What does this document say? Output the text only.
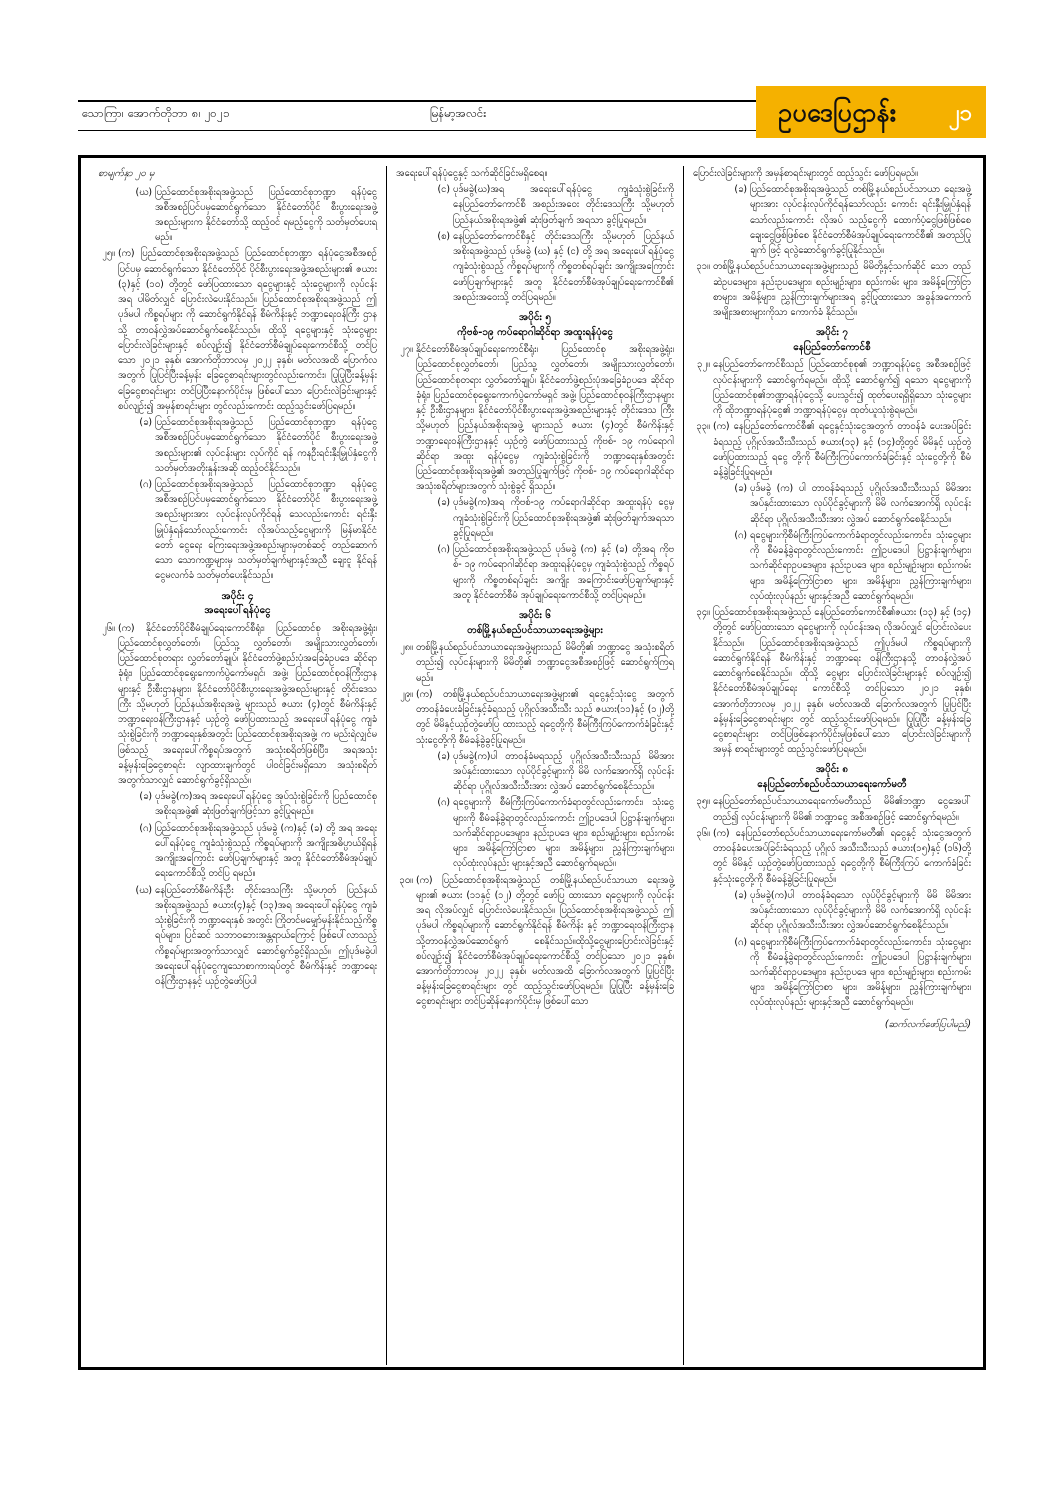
သောကြာ၊ အောက်တိုဘာ ၈၊ ၂၀၂၁	မြန်မာ့အလင်း	ဥပဒေပြဌာန်း ၂၁
စာမျက်နှာ ၂၀ မှ
(ဃ) ပြည်ထောင်စုအစိုးရအဖွဲ့သည် ပြည်ထောင်စုဘဏ္ဍာ ရန်ပုံငွေအစီအစဉ်ပြင်ပမှဆောင်ရွက်သော နိုင်ငံတော်ပိုင် စီးပွားရေးအဖွဲ့အစည်းများက နိုင်ငံတော်သို့ ထည့်ဝင် ရမည့်ငွေကို သတ်မှတ်ပေးရမည်။
၂၅။ (က) ပြည်ထောင်စုအစိုးရအဖွဲ့သည် ပြည်ထောင်စုဘဏ္ဍာ ရန်ပုံငွေအစီအစဉ်ပြင်ပမှ ဆောင်ရွက်သော နိုင်ငံတော်ပိုင် ပိုင်စီးပွားရေးအဖွဲ့အစည်းများ၏ ဇယား (၃)နှင့် (၁၀) တို့တွင် ဖော်ပြထားသော ရငွေများနှင့် သုံးငွေများကို လုပ်ငန်းအရ ပါမိတ်လျှင် ပြောင်းလဲပေးနိုင်သည်။ ပြည်ထောင်စုအစိုးရအဖွဲ့သည် ဤပုဒ်မပါ ကိစ္စရပ်များ ကို ဆောင်ရွက်နိုင်ရန် စီမံကိန်းနှင့် ဘဏ္ဍာရေးဝန်ကြီး ဌာနသို့ တာဝန်လွှဲအပ်ဆောင်ရွက်စေနိုင်သည်။ ထိုသို့ ရငွေများနှင့် သုံးငွေများ ပြောင်းလဲခြင်းများနှင့် စပ်လျဉ်း၍ နိုင်ငံတော်စီမံချုပ်ရေးကောင်စီသို့ တင်ပြသော ၂၀၂၁ ခုနှစ်၊ အောက်တိုဘာလမှ ၂၀၂၂ ခုနှစ်၊ မတ်လအထိ ပြောက်လအတွက် ပြုပြင်ပြီးခန့်မှန်း ခြေငွေစာရင်းများတွင်လည်းကောင်း၊ ပြုပြုပြီးခန့်မှန်း ခြေငွေစာရင်းများ တင်ပြပြီးနောက်ပိုင်းမှ ဖြစ်ပေါ်သော ပြောင်းလဲခြင်းများနှင့် စပ်လျဉ်း၍ အမှန်စာရင်းများ တွင်လည်းကောင်း ထည့်သွင်းဖော်ပြရမည်။
(ခ) ပြည်ထောင်စုအစိုးရအဖွဲ့သည် ပြည်ထောင်စုဘဏ္ဍာ ရန်ပုံငွေအစီအစဉ်ပြင်ပမှဆောင်ရွက်သော နိုင်ငံတော်ပိုင် စီးပွားရေးအဖွဲ့အစည်းများ၏ လုပ်ငန်းများ လုပ်ကိုင် ရန် ကနဦးရင်းနှီးမြှုပ်နှံငွေကို သတ်မှတ်အတိုးနှုန်းအဆို ထည့်ဝင်နိုင်သည်။
(ဂ) ပြည်ထောင်စုအစိုးရအဖွဲ့သည် ပြည်ထောင်စုဘဏ္ဍာ ရန်ပုံငွေအစီအစဉ်ပြင်ပမှဆောင်ရွက်သော နိုင်ငံတော်ပိုင် စီးပွားရေးအဖွဲ့အစည်းများအား လုပ်ငန်းလုပ်ကိုင်ရန် သေလည်းကောင်း ရင်းနှီးမြှုပ်နှံရန်သော်လည်းကောင်း လိုအပ်သည့်ငွေများကို မြန်မာနိုင်ငံတော် ငွေရေး ကြေးရေးအဖွဲ့အစည်းများမှတစ်ဆင့် တည်ဆောက်သော သောကဏ္ဍများမှ သတ်မှတ်ချက်များနှင့်အညီ ချေးငူ နိုင်ရန် ငွေမလက်ခံ သတ်မှတ်ပေးနိုင်သည်။
အပိုင်း ၄
အရေးပေါ်ရန်ပုံငွေ
၂၆။ (က) နိုင်ငံတော်ပိုင်စီမံချုပ်ရေးကောင်စီရုံး၊ ပြည်ထောင်စု အစိုးရအဖွဲ့ရုံး၊ ပြည်ထောင်စုလွှတ်တော်၊ ပြည်သူ့ လွှတ်တော်၊ အမျိုးသားလွှတ်တော်၊ ပြည်ထောင်စုတရား လွှတ်တော်ချုပ်၊ နိုင်ငံတော်ဖွဲ့စည်းပုံအခြေခံဥပဒေ ဆိုင်ရာခုံရုံး၊ ပြည်ထောင်စုရွေးကောက်ပွဲကော်မရှင်၊ အဖွဲ့၊ ပြည်ထောင်စုဝန်ကြီးဌာနများနှင့် ဦးစီးဌာနများ၊ နိုင်ငံတော်ပိုင်စီးပွားရေးအဖွဲ့အစည်းများနှင့် တိုင်းဒေသ ကြီး သို့မဟုတ် ပြည်နယ်အစိုးရအဖွဲ့ များသည် ဇယား (၄)တွင် စီမံကိန်းနှင့်ဘဏ္ဍာရေးဝန်ကြီးဌာနနှင့် ယှဉ်တွဲ ဖော်ပြထားသည့် အရေးပေါ်ရန်ပုံငွေ ကျခံသုံးစွဲခြင်းကို ဘဏ္ဍာရေးနှစ်အတွင်း ပြည်ထောင်စုအစိုးရအဖွဲ့၊ က မည်းရဲလျှင်မဖြစ်သည့် အရေးပေါ်ကိစ္စရပ်အတွက် အသုံးစရိတ်ဖြစ်ပြီး၊ အရအသုံးခန့်မှန်းခြေငွေစာရင်း လျာထားချက်တွင် ပါဝင်ခြင်းမရှိသော အသုံးစရိတ် အတွက်သာလျှင် ဆောင်ရွက်ခွင့်ရှိသည်။
(ခ) ပုဒ်မခွဲ(က)အရ အရေးပေါ်ရန်ပုံငွေ အုပ်သုံးစွဲခြင်းကို ပြည်ထောင်စုအစိုးရအဖွဲ့၏ ဆုံးဖြတ်ချက်ဖြင့်သာ ခွင့်ပြုရမည်။
(ဂ) ပြည်ထောင်စုအစိုးရအဖွဲ့သည် ပုဒ်မခွဲ (က)နှင့် (ခ) တို့ အရ အရေးပေါ်ရန်ပုံငွေ ကျခံသုံးစွဲသည့် ကိစ္စရပ်များကို အကျိုးအဓိပ္ပာယ်ရှိရန် အကျိုးအကြောင်း ဖော်ပြချက်များနှင့် အတူ နိုင်ငံတော်စီမံအုပ်ချုပ်ရေးကောင်စီသို့ တင်ပြ ရမည်။
(ဃ) နေပြည်တော်စီမံကိန်းဦး တိုင်းဒေသကြီး သို့မဟုတ် ပြည်နယ်အစိုးရအဖွဲ့သည် ဇယား(၄)နှင့် (၁၃)အရ အရေးပေါ်ရန်ပုံငွေ ကျခံသုံးစွဲခြင်းကို ဘဏ္ဍာရေးနှစ် အတွင်း ကြိုတင်မမျှော်မှန်းနိုင်သည့်ကိစ္စရပ်များ၊ ပြင်ဆင် သဘာဝဘေးအန္တရာယ်ကြောင့် ဖြစ်ပေါ်လာသည့် ကိစ္စရပ်များအတွက်သာလျှင် ဆောင်ရွက်ခွင့်ရှိသည်။ ဤပုဒ်မခွဲပါ အရေးပေါ်ရန်ပုံငွေကျသောစာကားရပ်တွင် စီမံကိန်းနှင့် ဘဏ္ဍာရေးဝန်ကြီးဌာနနှင့် ယှဉ်တွဲဖော်ပြပါ
အရေးပေါ်ရန်ပုံငွေနှင့် သက်ဆိုင်ခြင်းမရှိစေရ။
(င) ပုဒ်မခွဲ(ဃ)အရ အရေးပေါ်ရန်ပုံငွေ ကျခံသုံးစွဲခြင်းကို နေပြည်တော်ကောင်စီ အစည်းအဝေး တိုင်းဒေသကြီး သို့မဟုတ် ပြည်နယ်အစိုးရအဖွဲ့၏ ဆုံးဖြတ်ချက် အရသာ ခွင့်ပြုရမည်။
(စ) နေပြည်တော်ကောင်စီနှင့် တိုင်းဒေသကြီး သို့မဟုတ် ပြည်နယ်အစိုးရအဖွဲ့သည် ပုဒ်မခွဲ (ဃ) နှင့် (င) တို့ အရ အရေးပေါ်ရန်ပုံငွေ ကျခံသုံးစွဲသည့် ကိစ္စရပ်များကို ကိစ္စတစ်ရပ်ချင်း အကျိုးအကြောင်း ဖော်ပြချက်များနှင့် အတူ နိုင်ငံတော်စီမံအုပ်ချုပ်ရေးကောင်စီ၏ အစည်းအဝေးသို့ တင်ပြရမည်။
အပိုင်း ၅
ကိုဗစ်-၁၉ ကပ်ရောဂါဆိုင်ရာ အထူးရန်ပုံငွေ
၂၇။ နိုင်ငံတော်စီမံအုပ်ချုပ်ရေးကောင်စီရုံး၊ ပြည်ထောင်စု အစိုးရအဖွဲ့ရုံး၊ ပြည်ထောင်စုလွှတ်တော်၊ ပြည်သူ့ လွှတ်တော်၊ အမျိုးသားလွှတ်တော်၊ ပြည်ထောင်စုတရား လွှတ်တော်ချုပ်၊ နိုင်ငံတော်ဖွဲ့စည်းပုံအခြေခံဥပဒေ ဆိုင်ရာခုံရုံး၊ ပြည်ထောင်စုရွေးကောက်ပွဲကော်မရှင် အဖွဲ့၊ ပြည်ထောင်စုဝန်ကြီးဌာနများနှင့် ဦးစီးဌာနများ၊ နိုင်ငံတော်ပိုင်စီးပွားရေးအဖွဲ့အစည်းများနှင့် တိုင်းဒေသ ကြီး သို့မဟုတ် ပြည်နယ်အစိုးရအဖွဲ့ များသည် ဇယား (၄)တွင် စီမံကိန်းနှင့်ဘဏ္ဍာရေးဝန်ကြီးဌာနနှင့် ယှဉ်တွဲ ဖော်ပြထားသည့် ကိုဗစ်- ၁၉ ကပ်ရောဂါဆိုင်ရာ အထူး ရန်ပုံငွေမှ ကျခံသုံးစွဲခြင်းကို ဘဏ္ဍာရေးနှစ်အတွင်း ပြည်ထောင်စုအစိုးရအဖွဲ့၏ အတည်ပြုချက်ဖြင့် ကိုဗစ်- ၁၉ ကပ်ရောဂါဆိုင်ရာအသုံးစရိတ်များအတွက် သုံးစွဲခွင့် ရှိသည်။
(ခ) ပုဒ်မခွဲ(က)အရ ကိုဗစ်-၁၉ ကပ်ရောဂါဆိုင်ရာ အထူးရန်ပုံ ငွေမှ ကျခံသုံးစွဲခြင်းကို ပြည်ထောင်စုအစိုးရအဖွဲ့၏ ဆုံးဖြတ်ချက်အရသာ ခွင့်ပြုရမည်။
(ဂ) ပြည်ထောင်စုအစိုးရအဖွဲ့သည် ပုဒ်မခွဲ (က) နှင့် (ခ) တို့အရ ကိုဗစ်- ၁၉ ကပ်ရောဂါဆိုင်ရာ အထူးရန်ပုံငွေမှ ကျခံသုံးစွဲသည့် ကိစ္စရပ်များကို ကိစ္စတစ်ရပ်ချင်း အကျိုး အကြောင်းဖော်ပြချက်များနှင့်အတူ နိုင်ငံတော်စီမံ အုပ်ချုပ်ရေးကောင်စီသို့ တင်ပြရမည်။
အပိုင်း ၆
တစ်မြို့နယ်စည်ပင်သာယာရေးအဖွဲ့များ
၂၈။ တစ်မြို့နယ်စည်ပင်သာယာရေးအဖွဲ့များသည် မိမိတို့၏ ဘဏ္ဍာငွေ အသုံးစရိတ်တည်း၍ လုပ်ငန်းများကို မိမိတို့၏ ဘဏ္ဍာငွေအစီအစဉ်ဖြင့် ဆောင်ရွက်ကြရမည်။
၂၉။ (က) တစ်မြို့နယ်စည်ပင်သာယာရေးအဖွဲ့များ၏ ရငွေနှင့်သုံးငွေ အတွက် တာဝန်ခံပေးခံခြင်းနှင့်ခံရသည့် ပုဂ္ဂိုလ်အသီးသီး သည် ဇယား(၁၁)နှင့် (၁၂)တို့တွင် မိမိနှင့်ယှဉ်တွဲဖော်ပြ ထားသည့် ရငွေတို့ကို စီမံကြီးကြပ်ကောက်ခံခြင်းနှင့် သုံးငွေတို့ကို စီမံခန့်ခွဲခွင့်ပြုရမည်။
(ခ) ပုဒ်မခွဲ(က)ပါ တာဝန်ခံမရသည့် ပုဂ္ဂိုလ်အသီးသီးသည် မိမိအား အပ်နှင်းထားသော လုပ်ပိုင်ခွင့်များကို မိမိ လက်အောက်ရှိ လုပ်ငန်းဆိုင်ရာ ပုဂ္ဂိုလ်အသီးသီးအား လွှဲအပ် ဆောင်ရွက်စေနိုင်သည်။
(ဂ) ရငွေများကို စီမံကြီးကြပ်ကောက်ခံရာတွင်လည်းကောင်း၊ သုံးငွေများကို စီမံခန့်ခွဲရာတွင်လည်းကောင်း ဤဥပဒေပါ ပြဋ္ဌာန်းချက်များ၊ သက်ဆိုင်ရာဥပဒေများ၊ နည်းဥပဒေ များ၊ စည်းမျဉ်းများ၊ စည်းကမ်းများ၊ အမိန့်ကြော်ငြာစာ များ၊ အမိန့်များ၊ ညွှန်ကြားချက်များ၊ လုပ်ထုံးလုပ်နည်း များနှင့်အညီ ဆောင်ရွက်ရမည်။
၃၀။ (က) ပြည်ထောင်စုအစိုးရအဖွဲ့သည် တစ်မြို့နယ်စည်ပင်သာယာ ရေးအဖွဲ့များ၏ ဇယား (၁၁နှင့် (၁၂) တို့တွင် ဖော်ပြ ထားသော ရငွေများကို လုပ်ငန်းအရ လိုအပ်လျှင် ပြောင်းလဲပေးနိုင်သည်။ ပြည်ထောင်စုအစိုးရအဖွဲ့သည် ဤပုဒ်မပါ ကိစ္စရပ်များကို ဆောင်ရွက်နိုင်ရန် စီမံကိန်း နှင့် ဘဏ္ဍာရေးဝန်ကြီးဌာနသို့တာဝန်လွှဲအပ်ဆောင်ရွက် စေနိုင်သည်။ထိုသို့ငွေများပြောင်းလဲခြင်းနှင့် စပ်လျဉ်း၍ နိုင်ငံတော်စီမံအုပ်ချုပ်ရေးကောင်စီသို့ တင်ပြသော ၂၀၂၁ ခုနှစ်၊ အောက်တိုဘာလမှ ၂၀၂၂ ခုနှစ်၊ မတ်လအထိ ခြောက်လအတွက် ပြုပြင်ပြီးခန့်မှန်းခြေငွေစာရင်းများ တွင် ထည့်သွင်းဖော်ပြရမည်။ ပြုပြုပြီး ခန့်မှန်းခြေ ငွေစာရင်းများ တင်ပြဆိုန်နောက်ပိုင်းမှ ဖြစ်ပေါ်သော
ပြောင်းလဲခြင်းများကို အမှန်စာရင်းများတွင် ထည့်သွင်း ဖော်ပြရမည်။
(ခ) ပြည်ထောင်စုအစိုးရအဖွဲ့သည် တစ်မြို့နယ်စည်ပင်သာယာ ရေးအဖွဲ့များအား လုပ်ငန်းလုပ်ကိုင်ရန်သော်လည်း ကောင်း ရင်းနှီးမြှုပ်နှံရန်သော်လည်းကောင်း လိုအပ် သည့်ငွေကို ထောက်ပံ့ငွေဖြစ်ဖြစ်စေ ချေးငွေဖြစ်ဖြစ်စေ နိုင်ငံတော်စီမံအုပ်ချုပ်ရေးကောင်စီ၏ အတည်ပြုချက် ဖြင့် ရလွဲဆောင်ရွက်ခွင့်ပြုနိုင်သည်။
၃၁။ တစ်မြို့နယ်စည်ပင်သာယာရေးအဖွဲ့များသည် မိမိတို့နှင့်သက်ဆိုင် သော တည်ဆဲဥပဒေများ၊ နည်းဥပဒေများ၊ စည်းမျဉ်းများ၊ စည်းကမ်း များ၊ အမိန့်ကြော်ငြာစာများ၊ အမိန့်များ၊ ညွှန်ကြားချက်များအရ ခွင့်ပြုထားသော အခွန်အကောက်အမျိုးအစားများကိုသာ ကောက်ခံ နိုင်သည်။
အပိုင်း ၇
နေပြည်တော်ကောင်စီ
၃၂။ နေပြည်တော်ကောင်စီသည် ပြည်ထောင်စုစု၏ ဘဏ္ဍာရန်ပုံငွေ အစီအစဉ်ဖြင့် လုပ်ငန်းများကို ဆောင်ရွက်ရမည်။ ထိုသို့ ဆောင်ရွက်၍ ရသော ရငွေများကို ပြည်ထောင်စု၏ဘဏ္ဍာရန်ပုံငွေသို့ ပေးသွင်း၍ ထုတ်ပေးရရှိရှိသော သုံးငွေများကို ထိုဘဏ္ဍာရန်ပုံငွေ၏ ဘဏ္ဍာရန်ပုံငွေမှ ထုတ်ယူသုံးစွဲရမည်။
၃၃။ (က) နေပြည်တော်ကောင်စီ၏ ရငွေနှင့်သုံးငွေအတွက် တာဝန်ခံ ပေးအပ်ခြင်းခံရသည့် ပုဂ္ဂိုလ်အသီးသီးသည် ဇယား(၁၃) နှင့် (၁၄)တို့တွင် မိမိနှင့် ယှဉ်တွဲဖော်ပြထားသည့် ရငွေ တို့ကို စီမံကြီးကြပ်ကောက်ခံခြင်းနှင့် သုံးငွေတို့ကို စီမံ ခန့်ခွဲခြင်းပြုရမည်။
(ခ) ပုဒ်မခွဲ (က) ပါ တာဝန်ခံရသည့် ပုဂ္ဂိုလ်အသီးသီးသည် မိမိအားအပ်နှင်းထားသော လုပ်ပိုင်ခွင့်များကို မိမိ လက်အောက်ရှိ လုပ်ငန်းဆိုင်ရာ ပုဂ္ဂိုလ်အသီးသီးအား လွှဲအပ် ဆောင်ရွက်စေနိုင်သည်။
(ဂ) ရငွေများကိုစီမံကြီးကြပ်ကောက်ခံရာတွင်လည်းကောင်း၊ သုံးငွေများကို စီမံခန့်ခွဲရာတွင်လည်းကောင်း ဤဥပဒေပါ ပြဋ္ဌာန်းချက်များ၊ သက်ဆိုင်ရာဥပဒေများ၊ နည်းဥပဒေ များ၊ စည်းမျဉ်းများ၊ စည်းကမ်းများ၊ အမိန့်ကြော်ငြာစာ များ၊ အမိန့်များ၊ ညွှန်ကြားချက်များ၊ လုပ်ထုံးလုပ်နည်း များနှင့်အညီ ဆောင်ရွက်ရမည်။
၃၄။ ပြည်ထောင်စုအစိုးရအဖွဲ့သည် နေပြည်တော်ကောင်စီ၏ဇယား (၁၃) နှင့် (၁၄) တို့တွင် ဖော်ပြထားသော ရငွေများကို လုပ်ငန်းအရ လိုအပ်လျှင် ပြောင်းလဲပေးနိုင်သည်။ ပြည်ထောင်စုအစိုးရအဖွဲ့သည် ဤပုဒ်မပါ ကိစ္စရပ်များကို ဆောင်ရွက်နိုင်ရန် စီမံကိန်းနှင့် ဘဏ္ဍာရေး ဝန်ကြီးဌာနသို့ တာဝန်လွှဲအပ်ဆောင်ရွက်စေနိုင်သည်။ ထိုသို့ ငွေများ ပြောင်းလဲခြင်းများနှင့် စပ်လျဉ်း၍ နိုင်ငံတော်စီမံအုပ်ချုပ်ရေး ကောင်စီသို့ တင်ပြသော ၂၀၂၁ ခုနှစ်၊ အောက်တိုဘာလမှ ၂၀၂၂ ခုနှစ်၊ မတ်လအထိ ခြောက်လအတွက် ပြုပြင်ပြီးခန့်မှန်းခြေငွေစာရင်းများ တွင် ထည့်သွင်းဖော်ပြရမည်။ ပြုပြုပြီး ခန့်မှန်းခြေငွေစာရင်းများ တင်ပြဖြစ်နောက်ပိုင်းမှဖြစ်ပေါ်သော ပြောင်းလဲခြင်းများကို အမှန် စာရင်းများတွင် ထည့်သွင်းဖော်ပြရမည်။
အပိုင်း ၈
နေပြည်တော်စည်ပင်သာယာရေးကော်မတီ
၃၅။ နေပြည်တော်စည်ပင်သာယာရေးကော်မတီသည် မိမိ၏ဘဏ္ဍာ ငွေအေပါ်တည်၍ လုပ်ငန်းများကို မိမိ၏ ဘဏ္ဍာငွေ အစီအစဉ်ဖြင့် ဆောင်ရွက်ရမည်။
၃၆။ (က) နေပြည်တော်စည်ပင်သာယာရေးကော်မတီ၏ ရငွေနှင့် သုံးငွေအတွက် တာဝန်ခံပေးအပ်ခြင်းခံရသည့် ပုဂ္ဂိုလ် အသီးသီးသည် ဇယား(၁၅)နှင့် (၁၆)တို့တွင် မိမိနှင့် ယှဉ်တွဲဖော်ပြထားသည့် ရငွေတို့ကို စီမံကြီးကြပ် ကောက်ခံခြင်းနှင့်သုံးငွေတို့ကို စီမံခန့်ခွဲခြင်းပြုရမည်။
(ခ) ပုဒ်မခွဲ(က)ပါ တာဝန်ခံရသော လုပ်ပိုင်ခွင့်များကို မိမိ မိမိအား အပ်နှင်းထားသော လုပ်ပိုင်ခွင့်များကို မိမိ လက်အောက်ရှိ လုပ်ငန်းဆိုင်ရာ ပုဂ္ဂိုလ်အသီးသီးအား လွှဲအပ်ဆောင်ရွက်စေနိုင်သည်။
(ဂ) ရငွေများကိုစီမံကြီးကြပ်ကောက်ခံရာတွင်လည်းကောင်း၊ သုံးငွေများကို စီမံခန့်ခွဲရာတွင်လည်းကောင်း ဤဥပဒေပါ ပြဋ္ဌာန်းချက်များ၊ သက်ဆိုင်ရာဥပဒေများ၊ နည်းဥပဒေ များ၊ စည်းမျဉ်းများ၊ စည်းကမ်းများ၊ အမိန့်ကြော်ငြာစာ များ၊ အမိန့်များ၊ ညွှန်ကြားချက်များ၊ လုပ်ထုံးလုပ်နည်း များနှင့်အညီ ဆောင်ရွက်ရမည်။
(ဆက်လက်ဖော်ပြပါမည်)
